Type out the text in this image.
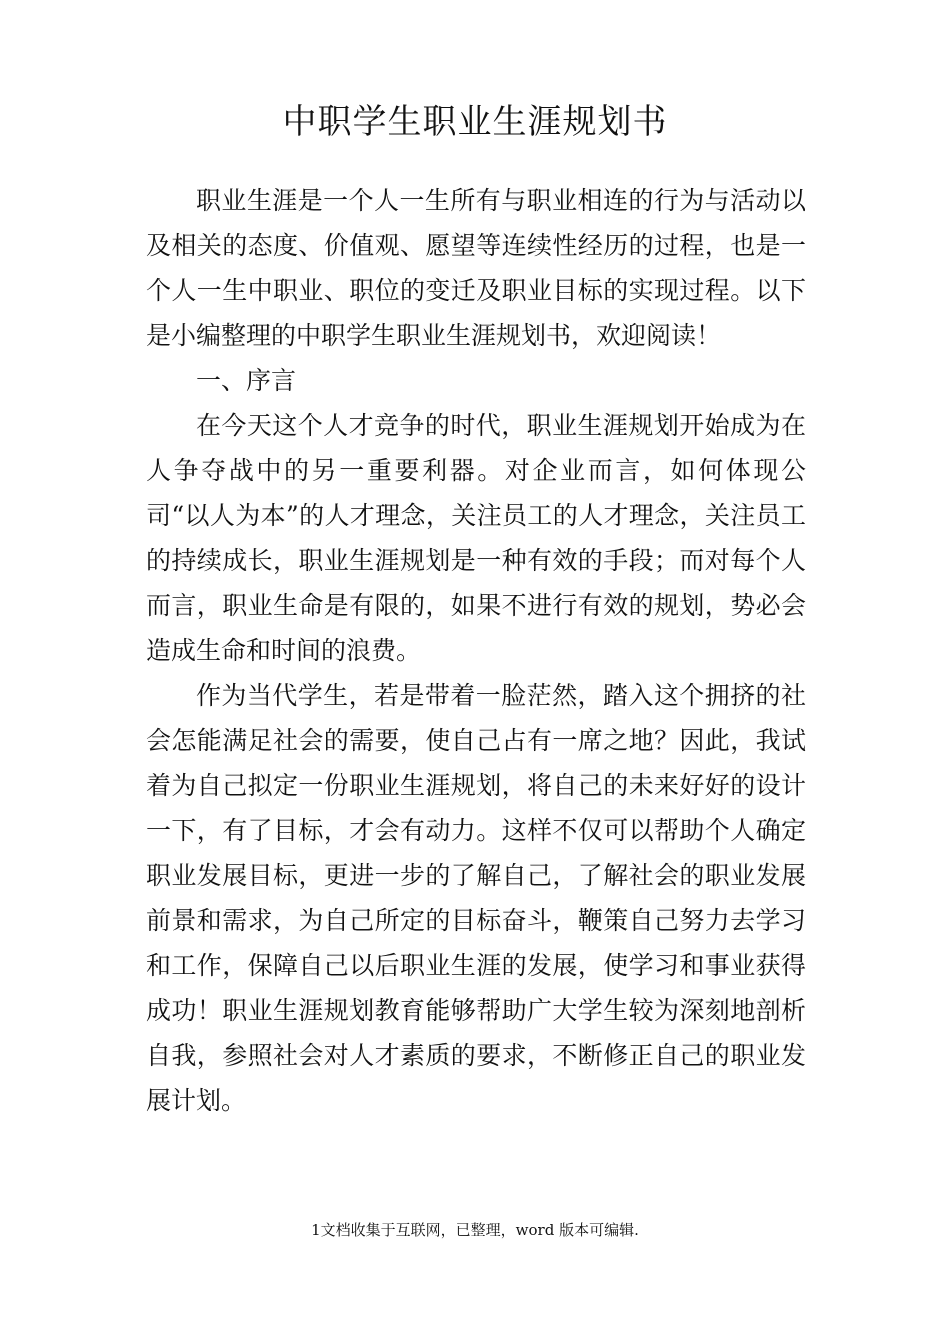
中职学生职业生涯规划书

职业生涯是一个人一生所有与职业相连的行为与活动以及相关的态度、价值观、愿望等连续性经历的过程，也是一个人一生中职业、职位的变迁及职业目标的实现过程。以下是小编整理的中职学生职业生涯规划书，欢迎阅读！

一、序言

在今天这个人才竞争的时代，职业生涯规划开始成为在人争夺战中的另一重要利器。对企业而言，如何体现公司“以人为本”的人才理念，关注员工的人才理念，关注员工的持续成长，职业生涯规划是一种有效的手段；而对每个人而言，职业生命是有限的，如果不进行有效的规划，势必会造成生命和时间的浪费。

作为当代学生，若是带着一脸茫然，踏入这个拥挤的社会怎能满足社会的需要，使自己占有一席之地？因此，我试着为自己拟定一份职业生涯规划，将自己的未来好好的设计一下，有了目标，才会有动力。这样不仅可以帮助个人确定职业发展目标，更进一步的了解自己，了解社会的职业发展前景和需求，为自己所定的目标奋斗，鞭策自己努力去学习和工作，保障自己以后职业生涯的发展，使学习和事业获得成功！职业生涯规划教育能够帮助广大学生较为深刻地剖析自我，参照社会对人才素质的要求，不断修正自己的职业发展计划。

1文档收集于互联网，已整理，word 版本可编辑.
